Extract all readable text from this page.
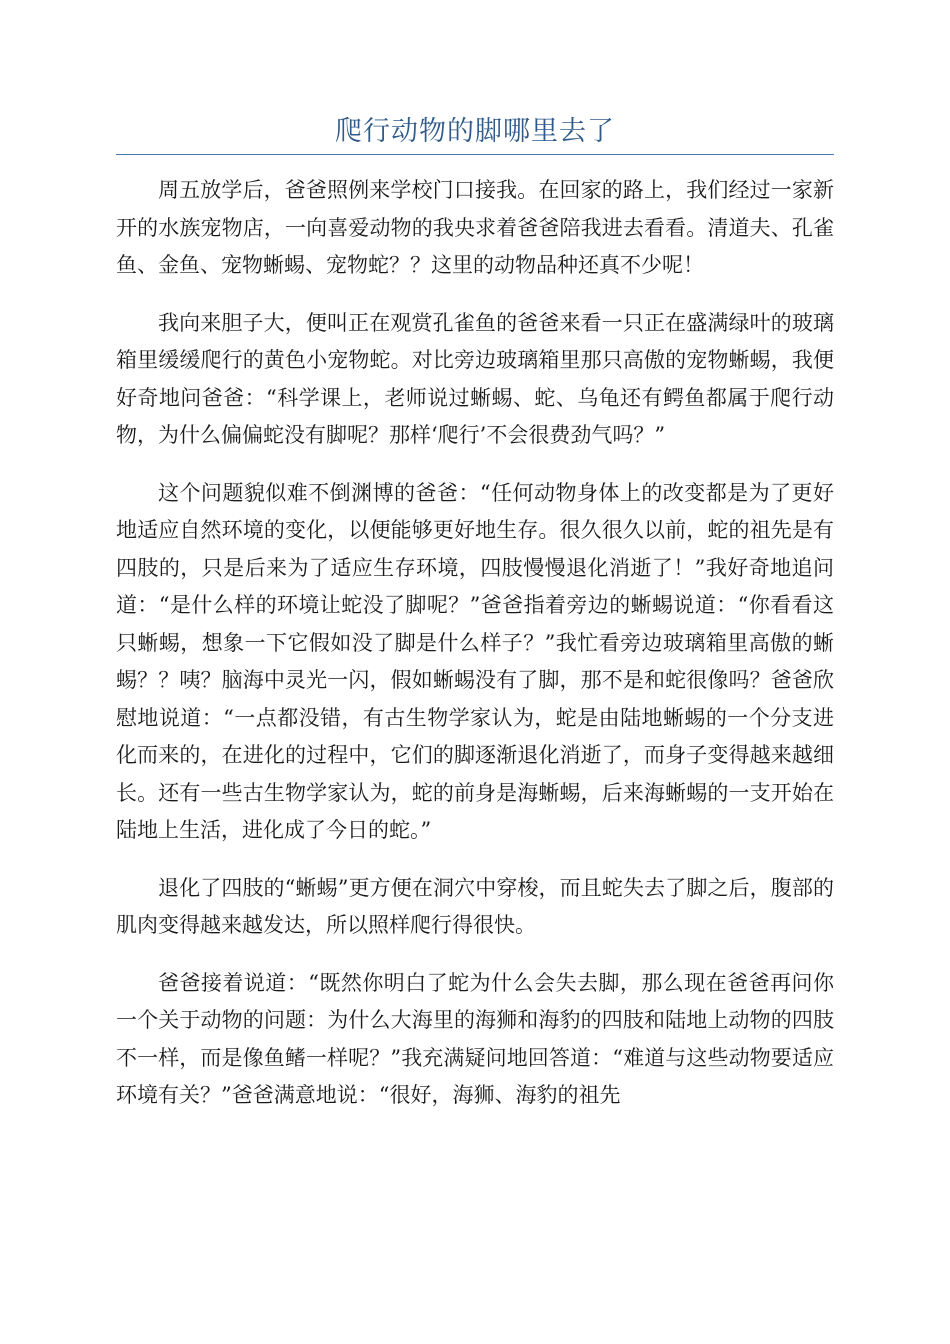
爬行动物的脚哪里去了

周五放学后，爸爸照例来学校门口接我。在回家的路上，我们经过一家新开的水族宠物店，一向喜爱动物的我央求着爸爸陪我进去看看。清道夫、孔雀鱼、金鱼、宠物蜥蜴、宠物蛇？？这里的动物品种还真不少呢！

我向来胆子大，便叫正在观赏孔雀鱼的爸爸来看一只正在盛满绿叶的玻璃箱里缓缓爬行的黄色小宠物蛇。对比旁边玻璃箱里那只高傲的宠物蜥蜴，我便好奇地问爸爸：“科学课上，老师说过蜥蜴、蛇、乌龟还有鳄鱼都属于爬行动物，为什么偏偏蛇没有脚呢？那样‘爬行’不会很费劲气吗？”

这个问题貌似难不倒渊博的爸爸：“任何动物身体上的改变都是为了更好地适应自然环境的变化，以便能够更好地生存。很久很久以前，蛇的祖先是有四肢的，只是后来为了适应生存环境，四肢慢慢退化消逝了！”我好奇地追问道：“是什么样的环境让蛇没了脚呢？”爸爸指着旁边的蜥蜴说道：“你看看这只蜥蜴，想象一下它假如没了脚是什么样子？”我忙看旁边玻璃箱里高傲的蜥蜴？？咦？脑海中灵光一闪，假如蜥蜴没有了脚，那不是和蛇很像吗？爸爸欣慰地说道：“一点都没错，有古生物学家认为，蛇是由陆地蜥蜴的一个分支进化而来的，在进化的过程中，它们的脚逐渐退化消逝了，而身子变得越来越细长。还有一些古生物学家认为，蛇的前身是海蜥蜴，后来海蜥蜴的一支开始在陆地上生活，进化成了今日的蛇。”

退化了四肢的“蜥蜴”更方便在洞穴中穿梭，而且蛇失去了脚之后，腹部的肌肉变得越来越发达，所以照样爬行得很快。

爸爸接着说道：“既然你明白了蛇为什么会失去脚，那么现在爸爸再问你一个关于动物的问题：为什么大海里的海狮和海豹的四肢和陆地上动物的四肢不一样，而是像鱼鳍一样呢？”我充满疑问地回答道：“难道与这些动物要适应环境有关？”爸爸满意地说：“很好，海狮、海豹的祖先
